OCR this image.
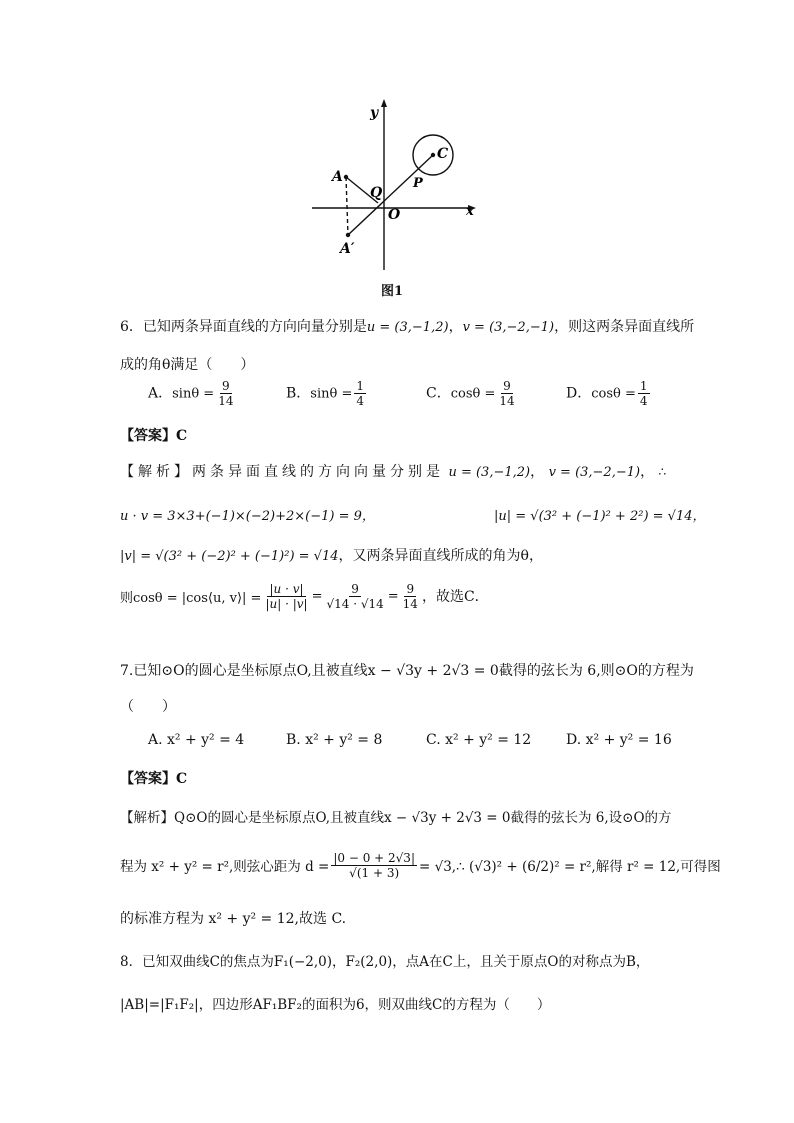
y
x
A
Q
O
P
C
A′
图1
6．已知两条异面直线的方向向量分别是u = (3,−1,2)，v = (3,−2,−1)，则这两条异面直线所
成的角θ满足（　　）
A．$\sin\theta = \frac{9}{14}$	B．$\sin\theta = \frac{1}{4}$	C．$\cos\theta = \frac{9}{14}$	D．$\cos\theta = \frac{1}{4}$
【答案】C
【解析】两条异面直线的方向向量分别是 u = (3,−1,2)， v = (3,−2,−1)， ∴
u · v = 3×3+(−1)×(−2)+2×(−1) = 9，	|u| = √(3² + (−1)² + 2²) = √14，
|v| = √(3² + (−2)² + (−1)²) = √14，又两条异面直线所成的角为θ，
则cosθ = |cos⟨u, v⟩| = $\frac{|u \cdot v|}{|u| \cdot |v|} = \frac{9}{√14 \cdot √14} = \frac{9}{14}$ ，故选C．
7.已知⊙O的圆心是坐标原点O,且被直线x − √3y + 2√3 = 0截得的弦长为 6,则⊙O的方程为
（　　）
A. x² + y² = 4	B. x² + y² = 8	C. x² + y² = 12 D. x² + y² = 16
【答案】C
【解析】Q⊙O的圆心是坐标原点O,且被直线x − √3y + 2√3 = 0截得的弦长为 6,设⊙O的方
程为 x² + y² = r²,则弦心距为 $d = \frac{|0 - 0 + 2√3|}{√(1 + 3)}$ = √3,∴ (√3)² + (6/2)² = r²,解得 r² = 12,可得图
的标准方程为 x² + y² = 12,故选 C.
8．已知双曲线C的焦点为F₁(−2,0)，F₂(2,0)，点A在C上，且关于原点O的对称点为B，
|AB|=|F₁F₂|，四边形AF₁BF₂的面积为6，则双曲线C的方程为（　　）
